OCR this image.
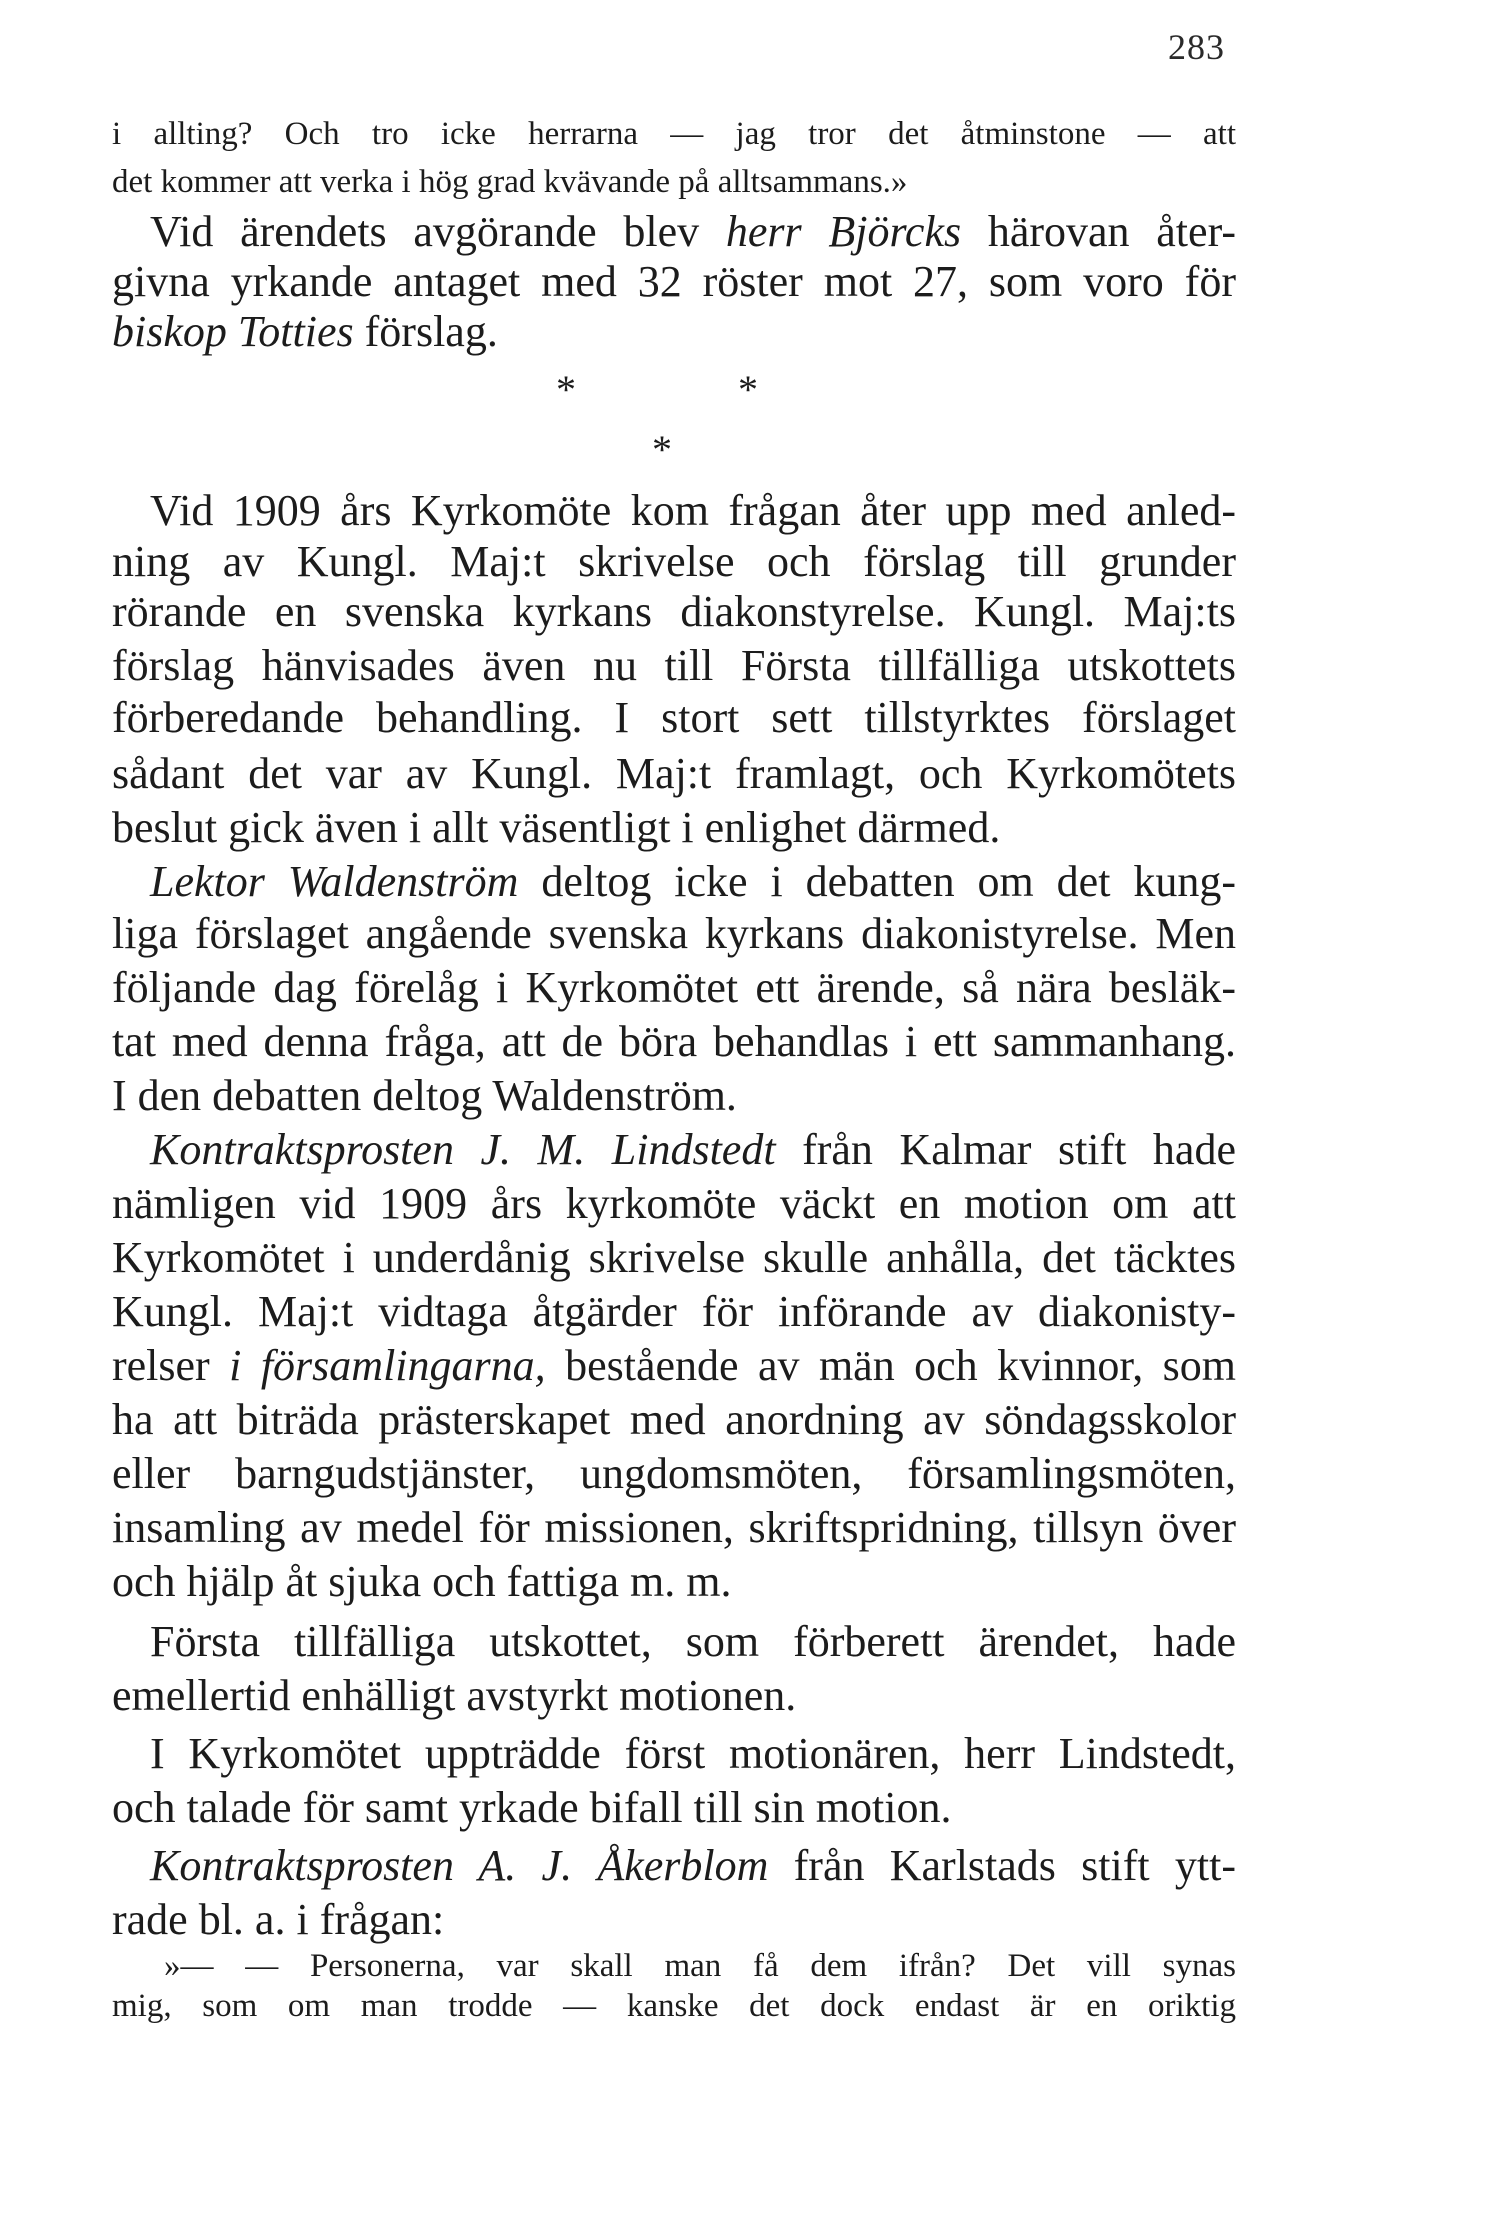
283
i allting? Och tro icke herrarna — jag tror det åtminstone — att
det kommer att verka i hög grad kvävande på alltsammans.»
Vid ärendets avgörande blev herr Björcks härovan åter-
givna yrkande antaget med 32 röster mot 27, som voro för
biskop Totties förslag.
*	*
*
Vid 1909 års Kyrkomöte kom frågan åter upp med anled-
ning av Kungl. Maj:t skrivelse och förslag till grunder
rörande en svenska kyrkans diakonstyrelse. Kungl. Maj:ts
förslag hänvisades även nu till Första tillfälliga utskottets
förberedande behandling. I stort sett tillstyrktes förslaget
sådant det var av Kungl. Maj:t framlagt, och Kyrkomötets
beslut gick även i allt väsentligt i enlighet därmed.
Lektor Waldenström deltog icke i debatten om det kung-
liga förslaget angående svenska kyrkans diakonistyrelse. Men
följande dag förelåg i Kyrkomötet ett ärende, så nära besläk-
tat med denna fråga, att de böra behandlas i ett sammanhang.
I den debatten deltog Waldenström.
Kontraktsprosten J. M. Lindstedt från Kalmar stift hade
nämligen vid 1909 års kyrkomöte väckt en motion om att
Kyrkomötet i underdånig skrivelse skulle anhålla, det täcktes
Kungl. Maj:t vidtaga åtgärder för införande av diakonisty-
relser i församlingarna, bestående av män och kvinnor, som
ha att biträda prästerskapet med anordning av söndagsskolor
eller barngudstjänster, ungdomsmöten, församlingsmöten,
insamling av medel för missionen, skriftspridning, tillsyn över
och hjälp åt sjuka och fattiga m. m.
Första tillfälliga utskottet, som förberett ärendet, hade
emellertid enhälligt avstyrkt motionen.
I Kyrkomötet uppträdde först motionären, herr Lindstedt,
och talade för samt yrkade bifall till sin motion.
Kontraktsprosten A. J. Åkerblom från Karlstads stift ytt-
rade bl. a. i frågan:
»— — Personerna, var skall man få dem ifrån? Det vill synas
mig, som om man trodde — kanske det dock endast är en oriktig
